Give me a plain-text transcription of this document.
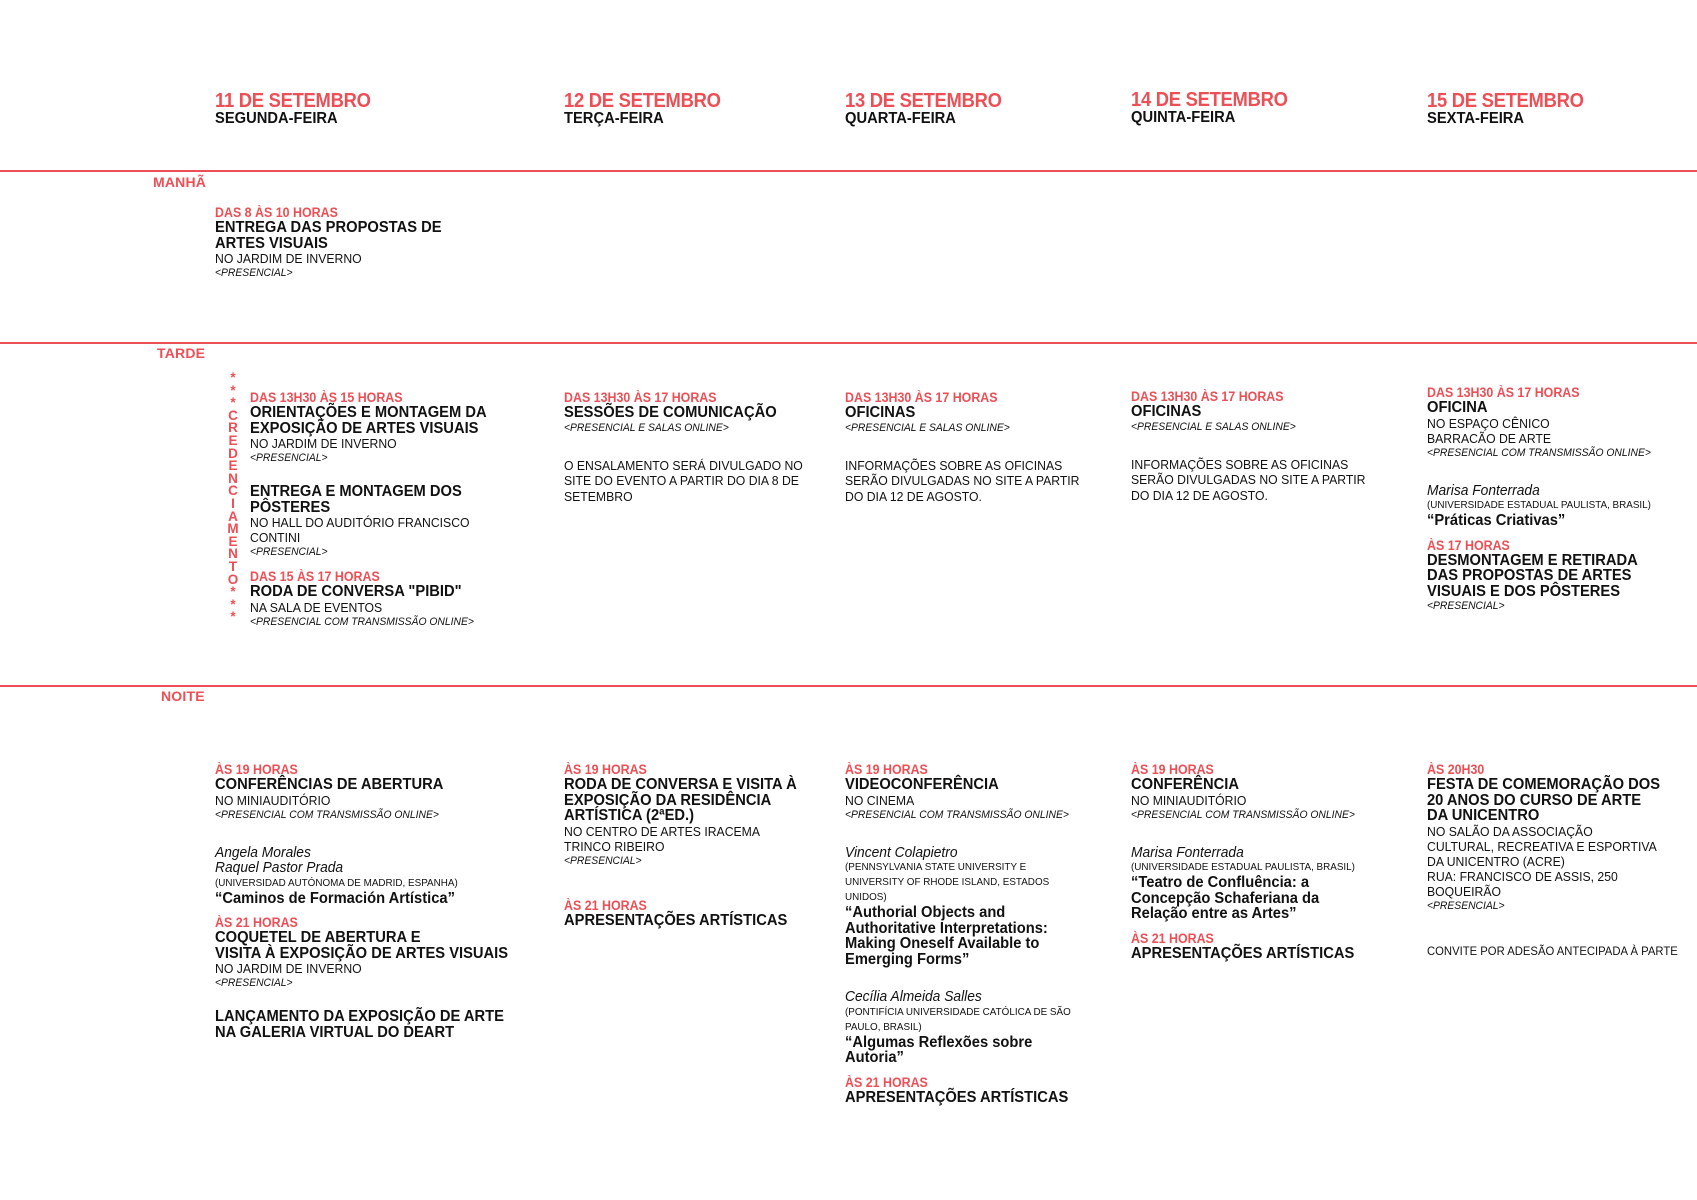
11 DE SETEMBRO
SEGUNDA-FEIRA
12 DE SETEMBRO
TERÇA-FEIRA
13 DE SETEMBRO
QUARTA-FEIRA
14 DE SETEMBRO
QUINTA-FEIRA
15 DE SETEMBRO
SEXTA-FEIRA
MANHÃ
TARDE
NOITE
*
*
*
C
R
E
D
E
N
C
I
A
M
E
N
T
O
*
*
*
DAS 8 ÀS 10 HORAS
ENTREGA DAS PROPOSTAS DE
ARTES VISUAIS
NO JARDIM DE INVERNO
<PRESENCIAL>
DAS 13H30 ÀS 15 HORAS
ORIENTAÇÕES E MONTAGEM DA
EXPOSIÇÃO DE ARTES VISUAIS
NO JARDIM DE INVERNO
<PRESENCIAL>
ENTREGA E MONTAGEM DOS
PÔSTERES
NO HALL DO AUDITÓRIO FRANCISCO
CONTINI
<PRESENCIAL>
DAS 15 ÀS 17 HORAS
RODA DE CONVERSA "PIBID"
NA SALA DE EVENTOS
<PRESENCIAL COM TRANSMISSÃO ONLINE>
DAS 13H30 ÀS 17 HORAS
SESSÕES DE COMUNICAÇÃO
<PRESENCIAL E SALAS ONLINE>
O ENSALAMENTO SERÁ DIVULGADO NO
SITE DO EVENTO A PARTIR DO DIA 8 DE
SETEMBRO
DAS 13H30 ÀS 17 HORAS
OFICINAS
<PRESENCIAL E SALAS ONLINE>
INFORMAÇÕES SOBRE AS OFICINAS
SERÃO DIVULGADAS NO SITE A PARTIR
DO DIA 12 DE AGOSTO.
DAS 13H30 ÀS 17 HORAS
OFICINAS
<PRESENCIAL E SALAS ONLINE>
INFORMAÇÕES SOBRE AS OFICINAS
SERÃO DIVULGADAS NO SITE A PARTIR
DO DIA 12 DE AGOSTO.
DAS 13H30 ÀS 17 HORAS
OFICINA
NO ESPAÇO CÊNICO
BARRACÃO DE ARTE
<PRESENCIAL COM TRANSMISSÃO ONLINE>
Marisa Fonterrada
(UNIVERSIDADE ESTADUAL PAULISTA, BRASIL)
“Práticas Criativas”
ÀS 17 HORAS
DESMONTAGEM E RETIRADA
DAS PROPOSTAS DE ARTES
VISUAIS E DOS PÔSTERES
<PRESENCIAL>
ÀS 19 HORAS
CONFERÊNCIAS DE ABERTURA
NO MINIAUDITÓRIO
<PRESENCIAL COM TRANSMISSÃO ONLINE>
Angela Morales
Raquel Pastor Prada
(UNIVERSIDAD AUTÓNOMA DE MADRID, ESPANHA)
“Caminos de Formación Artística”
ÀS 21 HORAS
COQUETEL DE ABERTURA E
VISITA À EXPOSIÇÃO DE ARTES VISUAIS
NO JARDIM DE INVERNO
<PRESENCIAL>
LANÇAMENTO DA EXPOSIÇÃO DE ARTE
NA GALERIA VIRTUAL DO DEART
ÀS 19 HORAS
RODA DE CONVERSA E VISITA À
EXPOSIÇÃO DA RESIDÊNCIA
ARTÍSTICA (2ªED.)
NO CENTRO DE ARTES IRACEMA
TRINCO RIBEIRO
<PRESENCIAL>
ÀS 21 HORAS
APRESENTAÇÕES ARTÍSTICAS
ÀS 19 HORAS
VIDEOCONFERÊNCIA
NO CINEMA
<PRESENCIAL COM TRANSMISSÃO ONLINE>
Vincent Colapietro
(PENNSYLVANIA STATE UNIVERSITY E
UNIVERSITY OF RHODE ISLAND, ESTADOS
UNIDOS)
“Authorial Objects and
Authoritative Interpretations:
Making Oneself Available to
Emerging Forms”
Cecília Almeida Salles
(PONTIFÍCIA UNIVERSIDADE CATÓLICA DE SÃO
PAULO, BRASIL)
“Algumas Reflexões sobre
Autoria”
ÀS 21 HORAS
APRESENTAÇÕES ARTÍSTICAS
ÀS 19 HORAS
CONFERÊNCIA
NO MINIAUDITÓRIO
<PRESENCIAL COM TRANSMISSÃO ONLINE>
Marisa Fonterrada
(UNIVERSIDADE ESTADUAL PAULISTA, BRASIL)
“Teatro de Confluência: a
Concepção Schaferiana da
Relação entre as Artes”
ÀS 21 HORAS
APRESENTAÇÕES ARTÍSTICAS
ÀS 20H30
FESTA DE COMEMORAÇÃO DOS
20 ANOS DO CURSO DE ARTE
DA UNICENTRO
NO SALÃO DA ASSOCIAÇÃO
CULTURAL, RECREATIVA E ESPORTIVA
DA UNICENTRO (ACRE)
RUA: FRANCISCO DE ASSIS, 250
BOQUEIRÃO
<PRESENCIAL>
CONVITE POR ADESÃO ANTECIPADA À PARTE
